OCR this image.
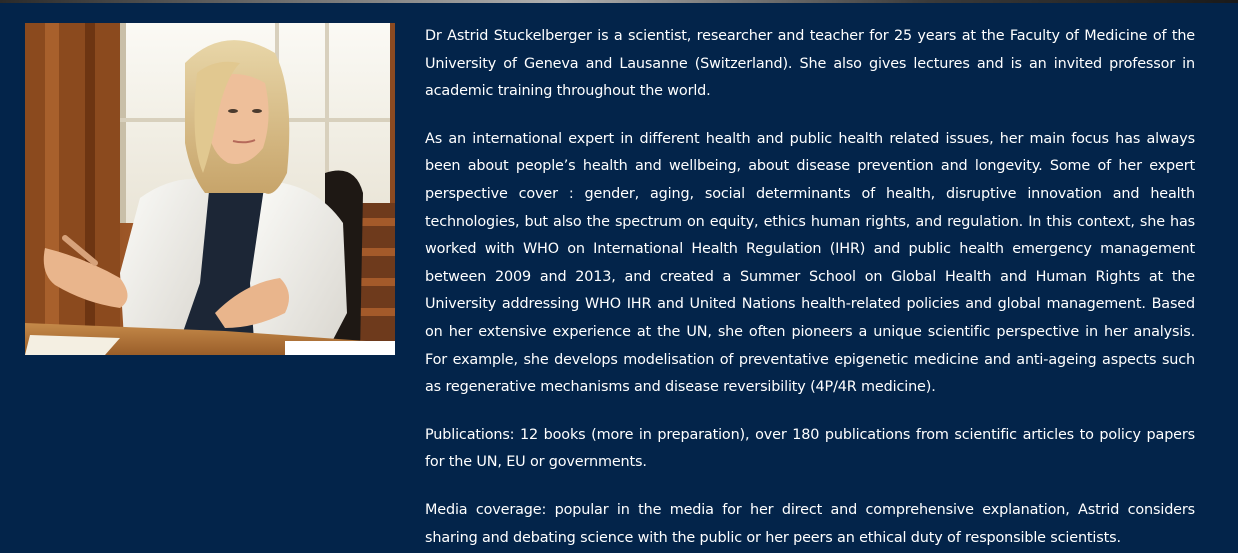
Dr Astrid Stuckelberger is a scientist, researcher and teacher for 25 years at the Faculty of Medicine of the University of Geneva and Lausanne (Switzerland). She also gives lectures and is an invited professor in academic training throughout the world.

As an international expert in different health and public health related issues, her main focus has always been about people’s health and wellbeing, about disease prevention and longevity. Some of her expert perspective cover : gender, aging, social determinants of health, disruptive innovation and health technologies, but also the spectrum on equity, ethics human rights, and regulation. In this context, she has worked with WHO on International Health Regulation (IHR) and public health emergency management between 2009 and 2013, and created a Summer School on Global Health and Human Rights at the University addressing WHO IHR and United Nations health-related policies and global management. Based on her extensive experience at the UN, she often pioneers a unique scientific perspective in her analysis. For example, she develops modelisation of preventative epigenetic medicine and anti-ageing aspects such as regenerative mechanisms and disease reversibility (4P/4R medicine).

Publications: 12 books (more in preparation), over 180 publications from scientific articles to policy papers for the UN, EU or governments.

Media coverage: popular in the media for her direct and comprehensive explanation, Astrid considers sharing and debating science with the public or her peers an ethical duty of responsible scientists.
